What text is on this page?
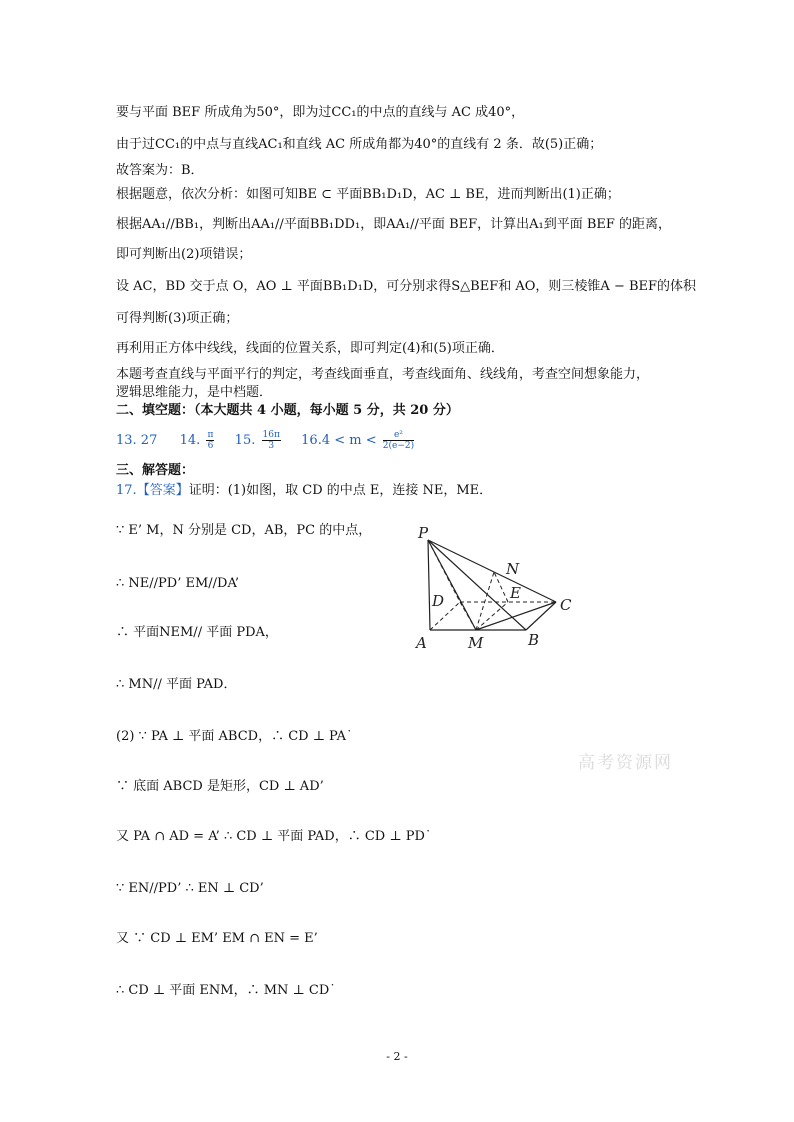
要与平面 BEF 所成角为50°，即为过CC₁的中点的直线与 AC 成40°，
由于过CC₁的中点与直线AC₁和直线 AC 所成角都为40°的直线有 2 条．故(5)正确；
故答案为：B．
根据题意，依次分析：如图可知BE ⊂ 平面BB₁D₁D，AC ⊥ BE，进而判断出(1)正确；
根据AA₁//BB₁，判断出AA₁//平面BB₁DD₁，即AA₁//平面 BEF，计算出A₁到平面 BEF 的距离，
即可判断出(2)项错误；
设 AC，BD 交于点 O，AO ⊥ 平面BB₁D₁D，可分别求得S△BEF和 AO，则三棱锥A − BEF的体积
可得判断(3)项正确；
再利用正方体中线线，线面的位置关系，即可判定(4)和(5)项正确．
本题考查直线与平面平行的判定，考查线面垂直，考查线面角、线线角，考查空间想象能力，
逻辑思维能力，是中档题．
二、填空题：（本大题共 4 小题，每小题 5 分，共 20 分）
13. 27 14. $\frac{\pi}{6} 15$. $\frac{16\pi}{3} 16.4 < m < \frac{\text{e²}}{2(e-2)}$
三、解答题：
17.【答案】证明：(1)如图，取 CD 的中点 E，连接 NE，ME．
∵ E’ M，N 分别是 CD，AB，PC 的中点，
∴ NE//PD’ EM//DA’
∴ 平面NEM// 平面 PDA，
∴ MN// 平面 PAD．
(2) ∵ PA ⊥ 平面 ABCD，∴ CD ⊥ PA˙
∵ 底面 ABCD 是矩形，CD ⊥ AD’
又 PA ∩ AD = A’ ∴ CD ⊥ 平面 PAD，∴ CD ⊥ PD˙
∵ EN//PD’ ∴ EN ⊥ CD’
又 ∵ CD ⊥ EM’ EM ∩ EN = E’
∴ CD ⊥ 平面 ENM，∴ MN ⊥ CD˙
P
N
D	E
C
A	M	B
高考资源网
- 2 -
